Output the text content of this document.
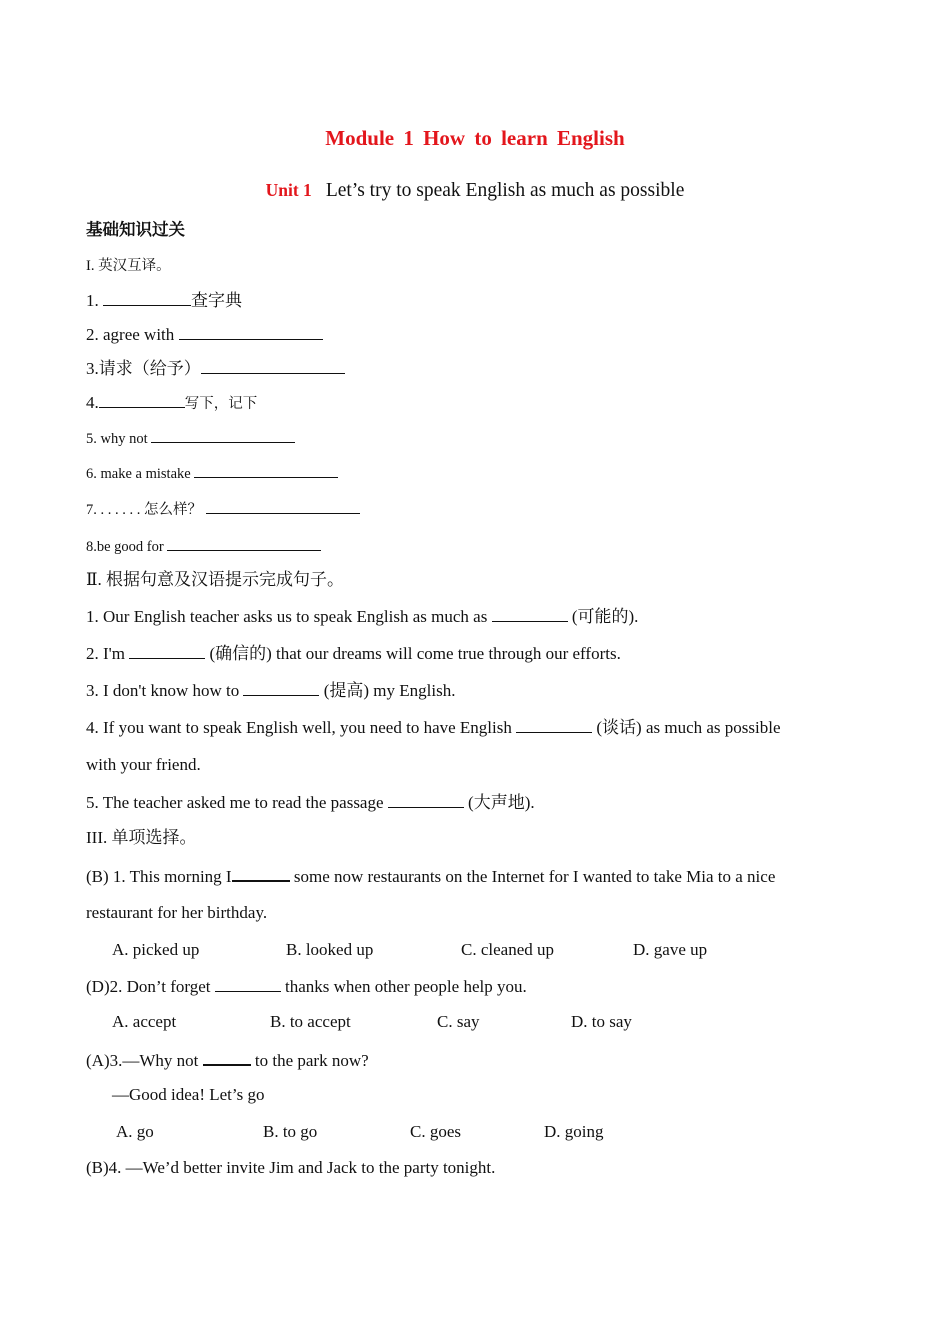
Module 1 How to learn English
Unit 1 Let’s try to speak English as much as possible
基础知识过关
I. 英汉互译。
1.	查字典
2. agree with
3.请求（给予）
4.	写下，记下
5. why not
6. make a mistake
7. . . . . . . 怎么样？
8.be good for
Ⅱ. 根据句意及汉语提示完成句子。
1. Our English teacher asks us to speak English as much as	(可能的).
2. I'm	(确信的) that our dreams will come true through our efforts.
3. I don't know how to	(提高) my English.
4. If you want to speak English well, you need to have English	(谈话) as much as possible
with your friend.
5. The teacher asked me to read the passage	(大声地).
III. 单项选择。
(B) 1. This morning I	some now restaurants on the Internet for I wanted to take Mia to a nice
restaurant for her birthday.
A. picked up	B. looked up	C. cleaned up	D. gave up
(D)2. Don’t forget	thanks when other people help you.
A. accept	B. to accept	C. say	D. to say
(A)3.—Why not	to the park now?
—Good idea! Let’s go
A. go	B. to go	C. goes	D. going
(B)4. —We’d better invite Jim and Jack to the party tonight.
